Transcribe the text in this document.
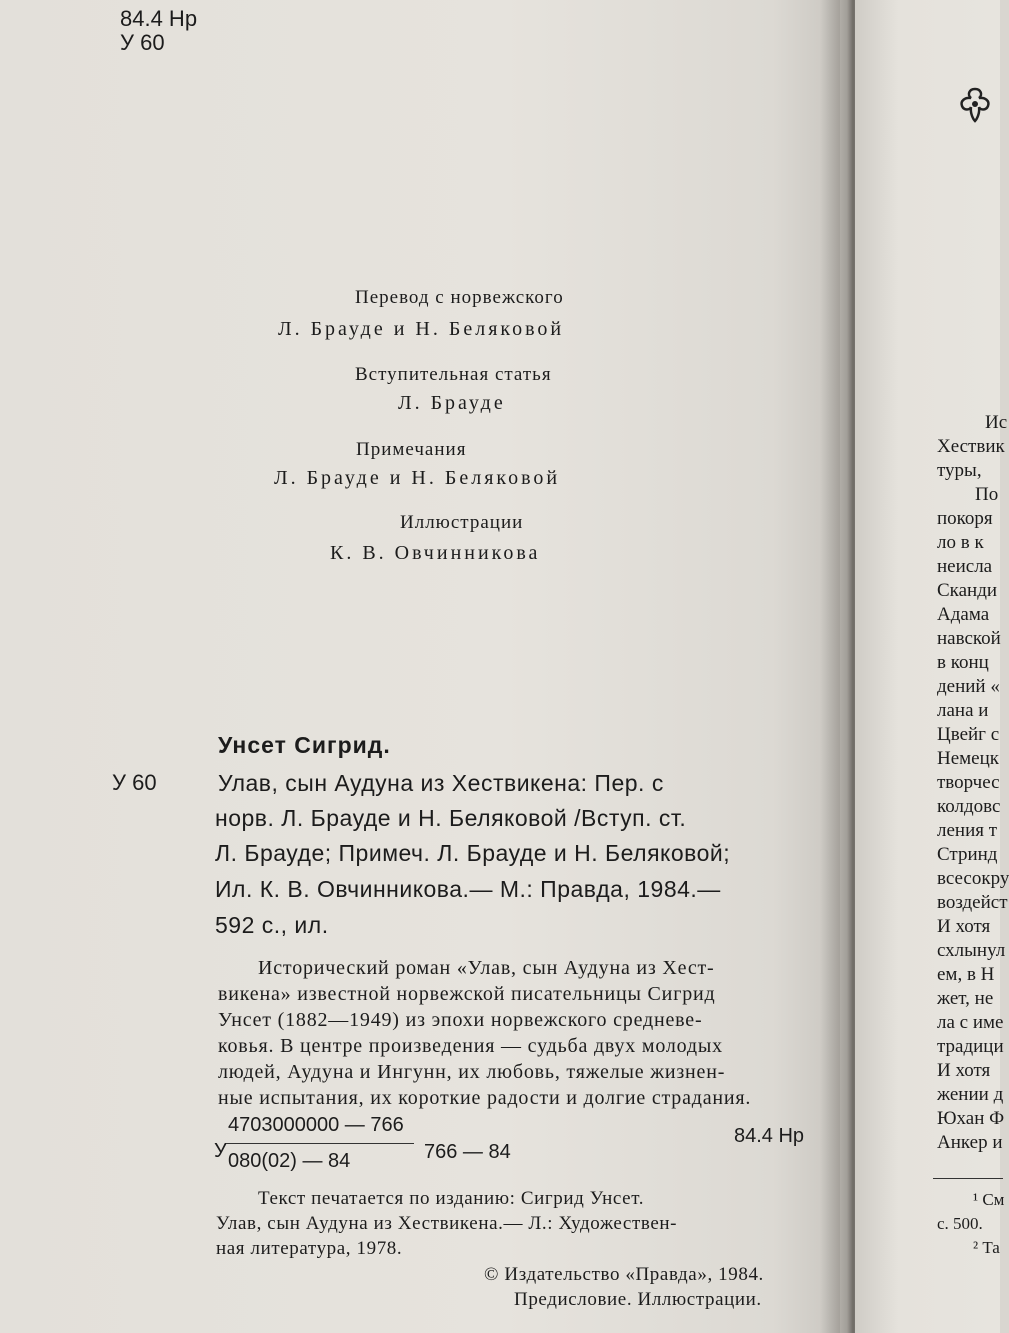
84.4 Нр
У 60
Перевод с норвежского
Л. Брауде и Н. Беляковой
Вступительная статья
Л. Брауде
Примечания
Л. Брауде и Н. Беляковой
Иллюстрации
К. В. Овчинникова
Унсет Сигрид.
У 60	Улав, сын Аудуна из Хествикена: Пер. с
норв. Л. Брауде и Н. Беляковой /Вступ. ст.
Л. Брауде; Примеч. Л. Брауде и Н. Беляковой;
Ил. К. В. Овчинникова.— М.: Правда, 1984.—
592 с., ил.
Исторический роман «Улав, сын Аудуна из Хест-
викена» известной норвежской писательницы Сигрид
Унсет (1882—1949) из эпохи норвежского средневе-
ковья. В центре произведения — судьба двух молодых
людей, Аудуна и Ингунн, их любовь, тяжелые жизнен-
ные испытания, их короткие радости и долгие страдания.
У
4703000000 — 766
080(02) — 84	766 — 84
84.4 Нр
Текст печатается по изданию: Сигрид Унсет.
Улав, сын Аудуна из Хествикена.— Л.: Художествен-
ная литература, 1978.
© Издательство «Правда», 1984.
Предисловие. Иллюстрации.
Ис
Хествик
туры,
По
покоря
ло в к
неисла
Сканди
Адама
навской
в конц
дений «
лана и
Цвейг с
Немецк
творчес
колдовс
ления т
Стринд
всесокру
воздейст
И хотя
схлынул
ем, в Н
жет, не
ла с име
традици
И хотя
жении д
Юхан Ф
Анкер и
¹ См
с. 500.
² Та
